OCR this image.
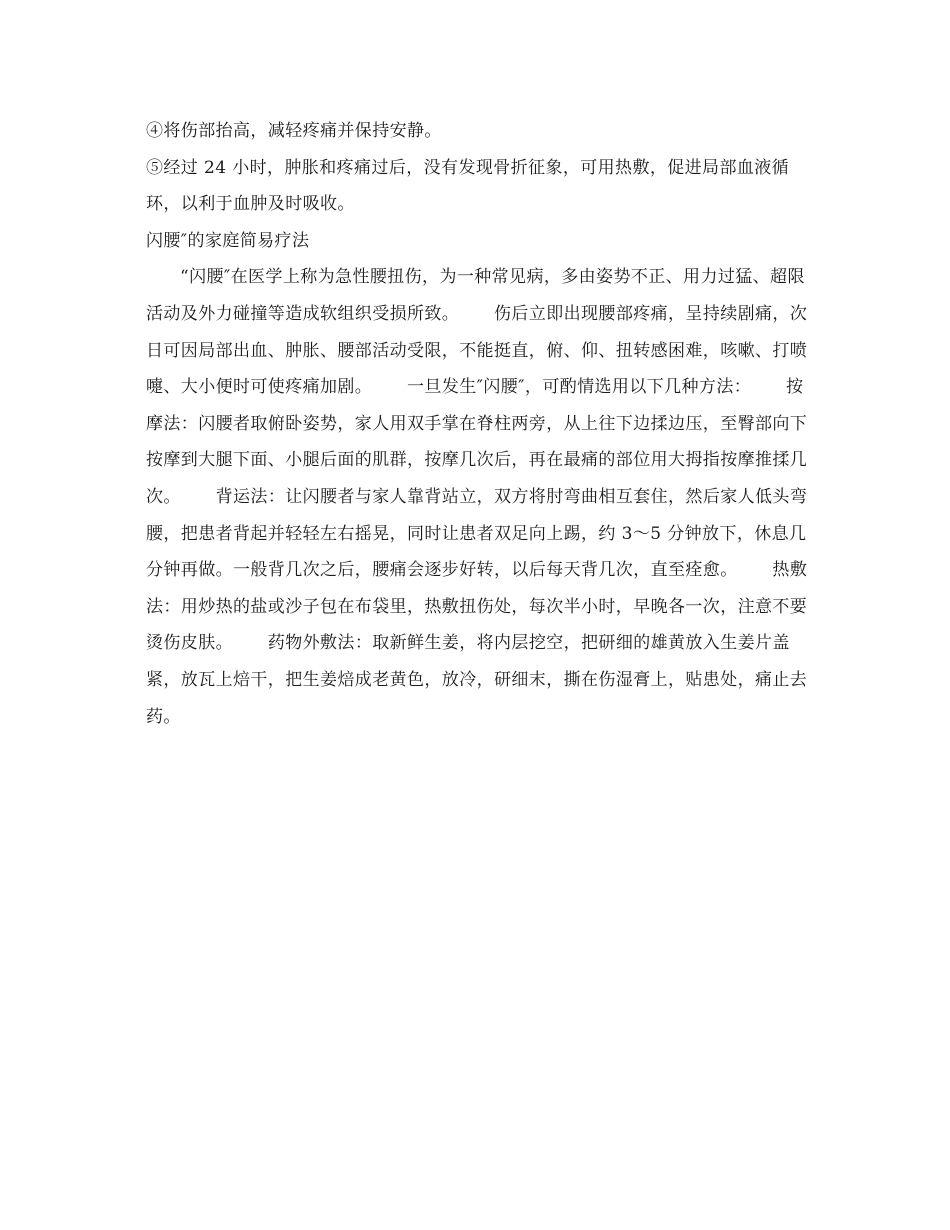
④将伤部抬高，减轻疼痛并保持安静。

⑤经过 24 小时，肿胀和疼痛过后，没有发现骨折征象，可用热敷，促进局部血液循环，以利于血肿及时吸收。

闪腰″的家庭简易疗法

“闪腰″在医学上称为急性腰扭伤，为一种常见病，多由姿势不正、用力过猛、超限活动及外力碰撞等造成软组织受损所致。      伤后立即出现腰部疼痛，呈持续剧痛，次日可因局部出血、肿胀、腰部活动受限，不能挺直，俯、仰、扭转感困难，咳嗽、打喷嚏、大小便时可使疼痛加剧。      一旦发生″闪腰″，可酌情选用以下几种方法：      按摩法：闪腰者取俯卧姿势，家人用双手掌在脊柱两旁，从上往下边揉边压，至臀部向下按摩到大腿下面、小腿后面的肌群，按摩几次后，再在最痛的部位用大拇指按摩推揉几次。      背运法：让闪腰者与家人靠背站立，双方将肘弯曲相互套住，然后家人低头弯腰，把患者背起并轻轻左右摇晃，同时让患者双足向上踢，约 3～5 分钟放下，休息几分钟再做。一般背几次之后，腰痛会逐步好转，以后每天背几次，直至痊愈。      热敷法：用炒热的盐或沙子包在布袋里，热敷扭伤处，每次半小时，早晚各一次，注意不要烫伤皮肤。      药物外敷法：取新鲜生姜，将内层挖空，把研细的雄黄放入生姜片盖紧，放瓦上焙干，把生姜焙成老黄色，放冷，研细末，撕在伤湿膏上，贴患处，痛止去药。
